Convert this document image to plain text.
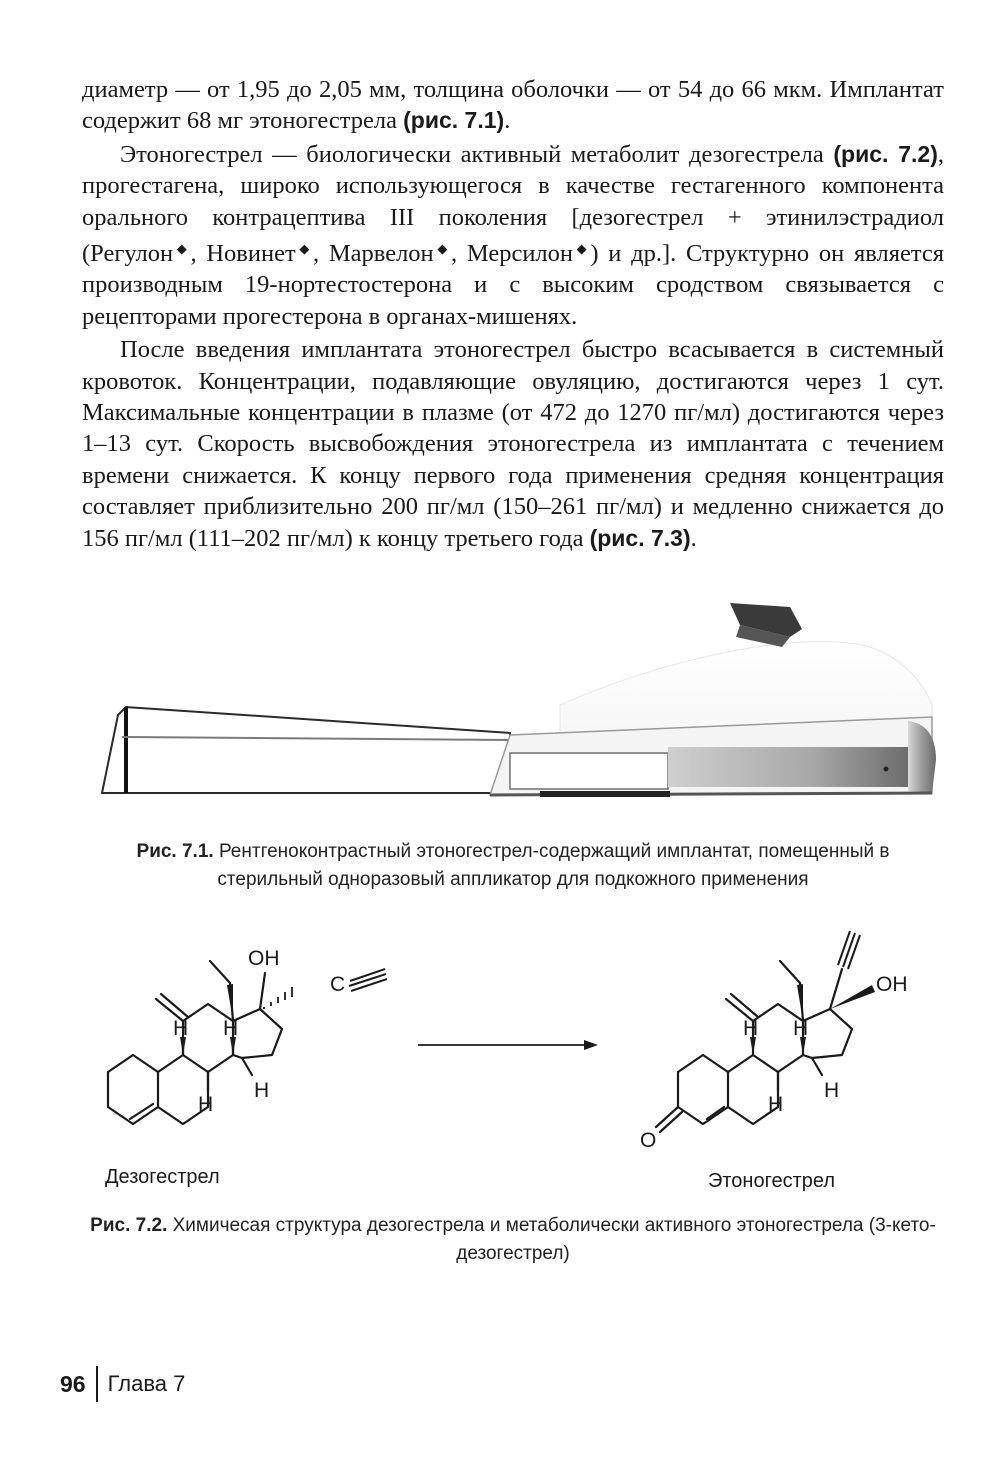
диаметр — от 1,95 до 2,05 мм, толщина оболочки — от 54 до 66 мкм. Имплантат содержит 68 мг этоногестрела (рис. 7.1).

Этоногестрел — биологически активный метаболит дезогестрела (рис. 7.2), прогестагена, широко использующегося в качестве гестагенного компонента орального контрацептива III поколения [дезогестрел + этинилэстрадиол (Регулон◆, Новинет◆, Марвелон◆, Мерсилон◆) и др.]. Структурно он является производным 19-нортестостерона и с высоким сродством связывается с рецепторами прогестерона в органах-мишенях.

После введения имплантата этоногестрел быстро всасывается в системный кровоток. Концентрации, подавляющие овуляцию, достигаются через 1 сут. Максимальные концентрации в плазме (от 472 до 1270 пг/мл) достигаются через 1–13 сут. Скорость высвобождения этоногестрела из имплантата с течением времени снижается. К концу первого года применения средняя концентрация составляет приблизительно 200 пг/мл (150–261 пг/мл) и медленно снижается до 156 пг/мл (111–202 пг/мл) к концу третьего года (рис. 7.3).

Рис. 7.1. Рентгеноконтрастный этоногестрел-содержащий имплантат, помещенный в стерильный одноразовый аппликатор для подкожного применения
OH
C
H H
H
H
Дезогестрел
OH
H H
H
H
O
Этоногестрел
Рис. 7.2. Химичесая структура дезогестрела и метаболически активного этоногестрела (3-кето-дезогестрел)
96	Глава 7
